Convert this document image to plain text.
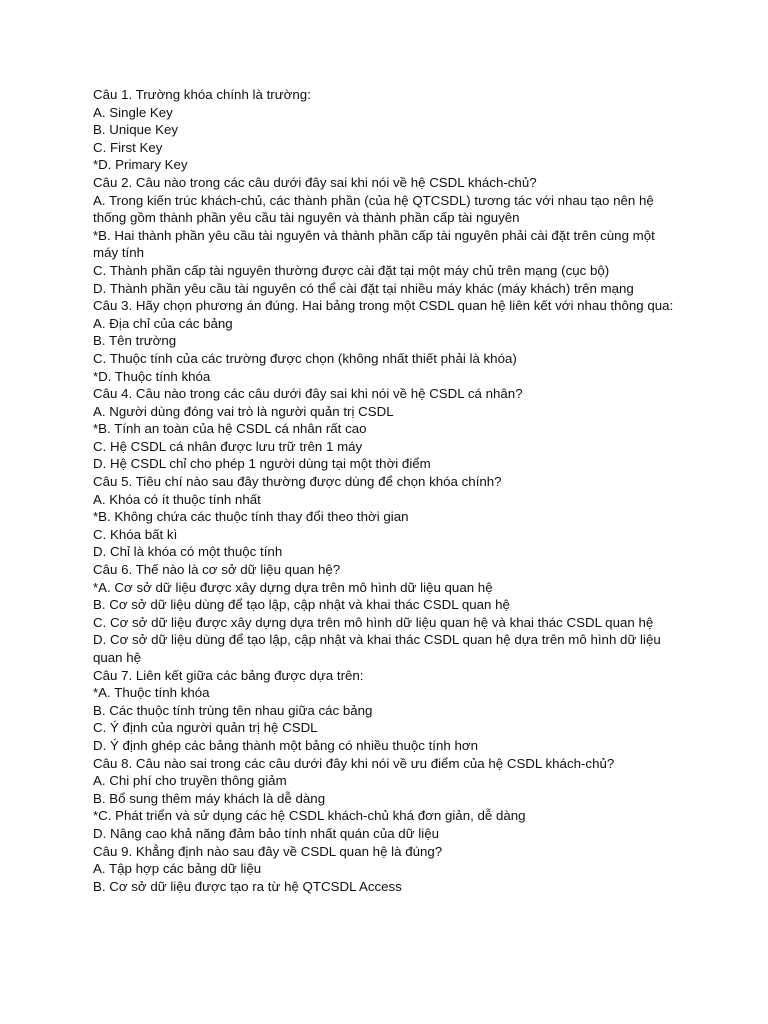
Câu 1. Trường khóa chính là trường:
A. Single Key
B. Unique Key
C. First Key
*D. Primary Key
Câu 2. Câu nào trong các câu dưới đây sai khi nói về hệ CSDL khách-chủ?
A. Trong kiến trúc khách-chủ, các thành phần (của hệ QTCSDL) tương tác với nhau tạo nên hệ thống gồm thành phần yêu cầu tài nguyên và thành phần cấp tài nguyên
*B. Hai thành phần yêu cầu tài nguyên và thành phần cấp tài nguyên phải cài đặt trên cùng một máy tính
C. Thành phần cấp tài nguyên thường được cài đặt tại một máy chủ trên mạng (cục bộ)
D. Thành phần yêu cầu tài nguyên có thể cài đặt tại nhiều máy khác (máy khách) trên mạng
Câu 3. Hãy chọn phương án đúng. Hai bảng trong một CSDL quan hệ liên kết với nhau thông qua:
A. Địa chỉ của các bảng
B. Tên trường
C. Thuộc tính của các trường được chọn (không nhất thiết phải là khóa)
*D. Thuộc tính khóa
Câu 4. Câu nào trong các câu dưới đây sai khi nói về hệ CSDL cá nhân?
A. Người dùng đóng vai trò là người quản trị CSDL
*B. Tính an toàn của hệ CSDL cá nhân rất cao
C. Hệ CSDL cá nhân được lưu trữ trên 1 máy
D. Hệ CSDL chỉ cho phép 1 người dùng tại một thời điểm
Câu 5. Tiêu chí nào sau đây thường được dùng để chọn khóa chính?
A. Khóa có ít thuộc tính nhất
*B. Không chứa các thuộc tính thay đổi theo thời gian
C. Khóa bất kì
D. Chỉ là khóa có một thuộc tính
Câu 6. Thế nào là cơ sở dữ liệu quan hệ?
*A. Cơ sở dữ liệu được xây dựng dựa trên mô hình dữ liệu quan hệ
B. Cơ sở dữ liệu dùng để tạo lập, cập nhật và khai thác CSDL quan hệ
C. Cơ sở dữ liệu được xây dựng dựa trên mô hình dữ liệu quan hệ và khai thác CSDL quan hệ
D. Cơ sở dữ liệu dùng để tạo lập, cập nhật và khai thác CSDL quan hệ dựa trên mô hình dữ liệu quan hệ
Câu 7. Liên kết giữa các bảng được dựa trên:
*A. Thuộc tính khóa
B. Các thuộc tính trùng tên nhau giữa các bảng
C. Ý định của người quản trị hệ CSDL
D. Ý định ghép các bảng thành một bảng có nhiều thuộc tính hơn
Câu 8. Câu nào sai trong các câu dưới đây khi nói về ưu điểm của hệ CSDL khách-chủ?
A. Chi phí cho truyền thông giảm
B. Bổ sung thêm máy khách là dễ dàng
*C. Phát triển và sử dụng các hệ CSDL khách-chủ khá đơn giản, dễ dàng
D. Nâng cao khả năng đảm bảo tính nhất quán của dữ liệu
Câu 9. Khẳng định nào sau đây về CSDL quan hệ là đúng?
A. Tập hợp các bảng dữ liệu
B. Cơ sở dữ liệu được tạo ra từ hệ QTCSDL Access
